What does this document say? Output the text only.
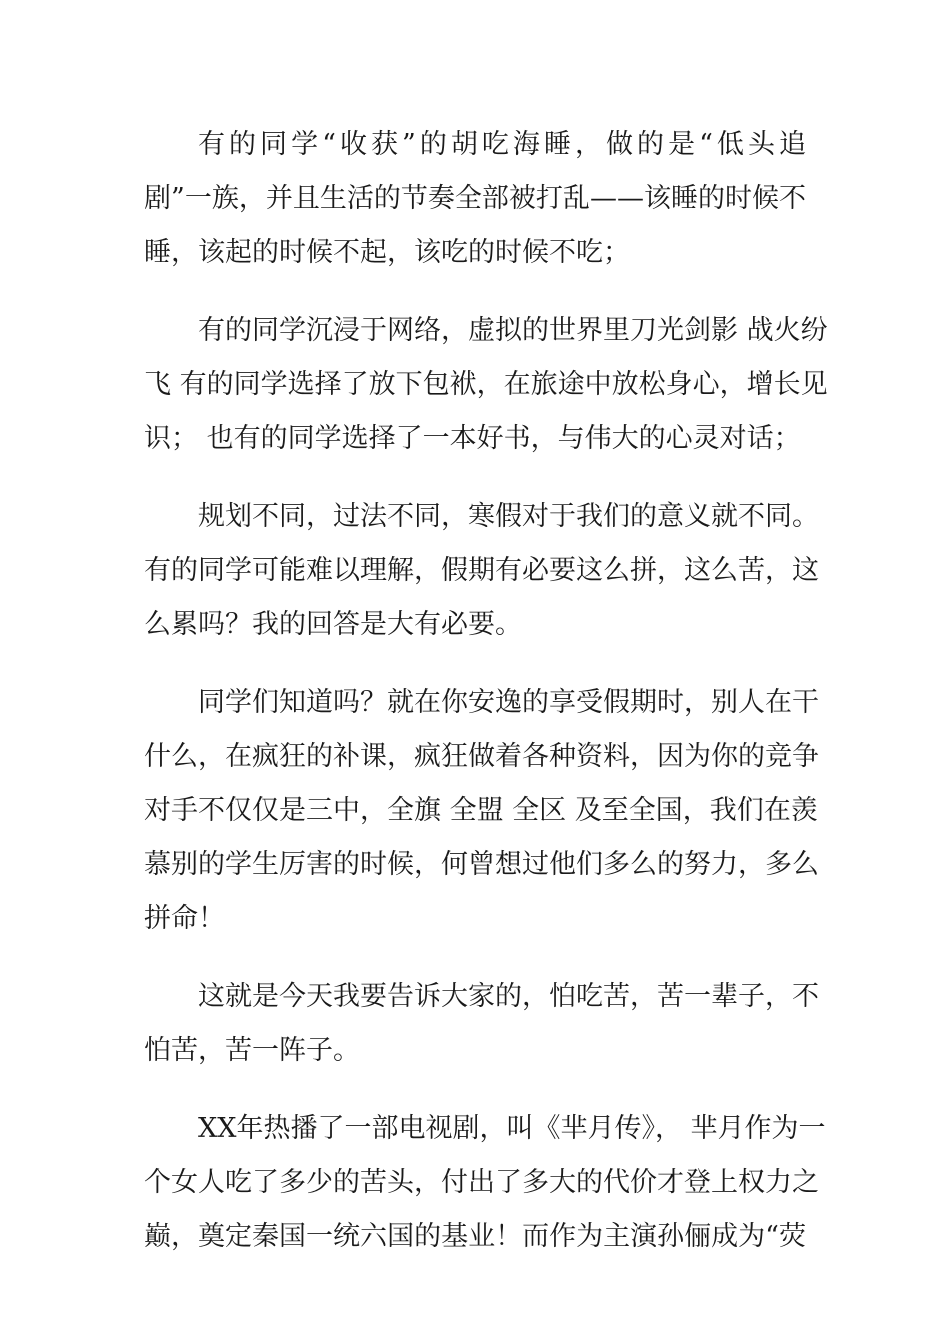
有的同学“收获”的胡吃海睡，做的是“低头追
剧”一族，并且生活的节奏全部被打乱——该睡的时候不
睡，该起的时候不起，该吃的时候不吃；
有的同学沉浸于网络，虚拟的世界里刀光剑影 战火纷
飞 有的同学选择了放下包袱，在旅途中放松身心，增长见
识； 也有的同学选择了一本好书，与伟大的心灵对话；
规划不同，过法不同，寒假对于我们的意义就不同。
有的同学可能难以理解，假期有必要这么拼，这么苦，这
么累吗？我的回答是大有必要。
同学们知道吗？就在你安逸的享受假期时，别人在干
什么，在疯狂的补课，疯狂做着各种资料，因为你的竞争
对手不仅仅是三中，全旗 全盟 全区 及至全国，我们在羡
慕别的学生厉害的时候，何曾想过他们多么的努力，多么
拼命！
这就是今天我要告诉大家的，怕吃苦，苦一辈子，不
怕苦，苦一阵子。
XX年热播了一部电视剧，叫《芈月传》， 芈月作为一
个女人吃了多少的苦头，付出了多大的代价才登上权力之
巅，奠定秦国一统六国的基业！而作为主演孙俪成为“荧
